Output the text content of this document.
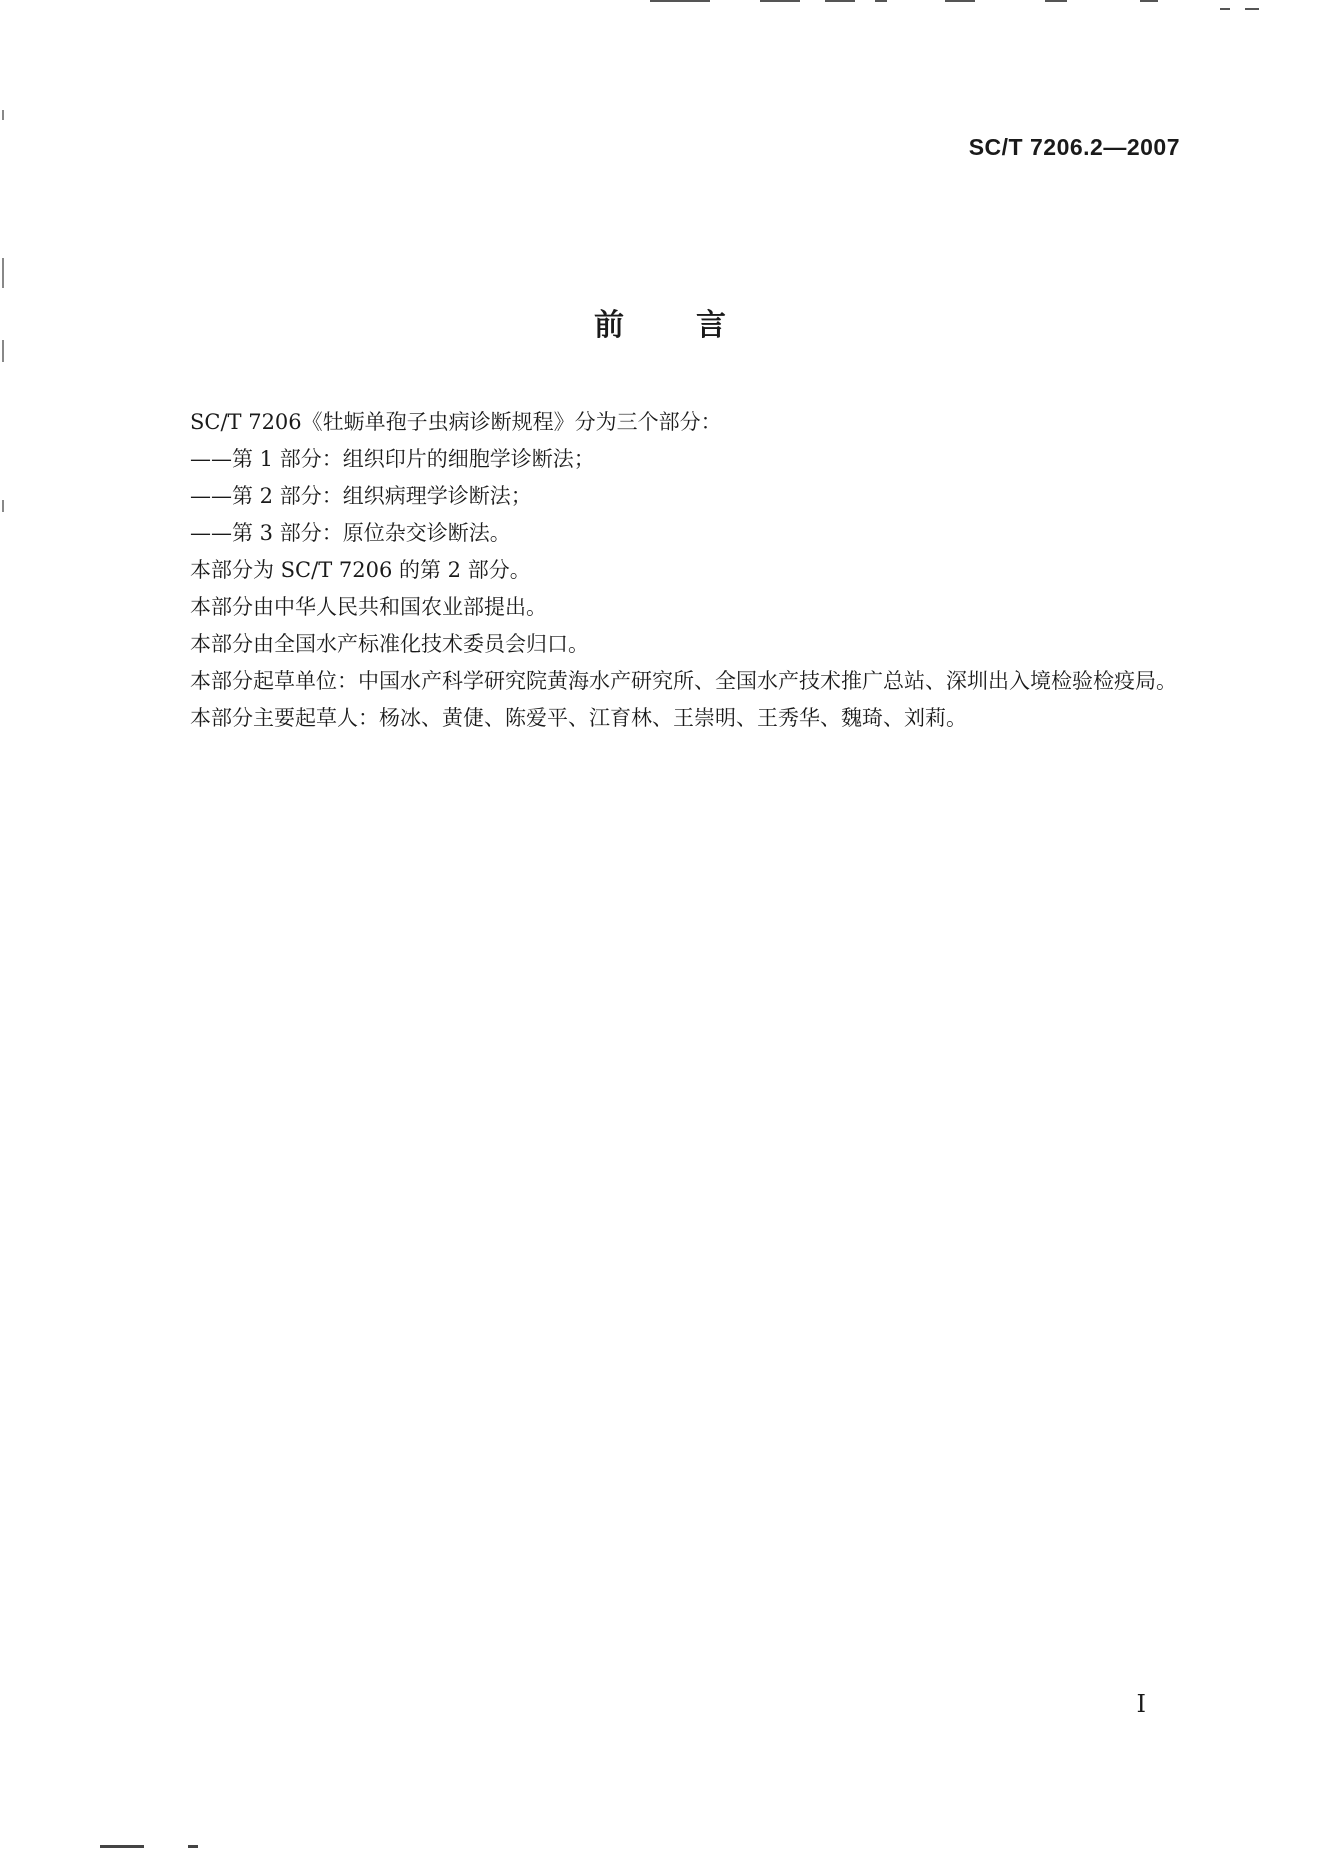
SC/T 7206.2—2007
前言

SC/T 7206《牡蛎单孢子虫病诊断规程》分为三个部分：

——第 1 部分：组织印片的细胞学诊断法；

——第 2 部分：组织病理学诊断法；

——第 3 部分：原位杂交诊断法。

本部分为 SC/T 7206 的第 2 部分。

本部分由中华人民共和国农业部提出。

本部分由全国水产标准化技术委员会归口。

本部分起草单位：中国水产科学研究院黄海水产研究所、全国水产技术推广总站、深圳出入境检验检疫局。

本部分主要起草人：杨冰、黄倢、陈爱平、江育林、王崇明、王秀华、魏琦、刘莉。

I
